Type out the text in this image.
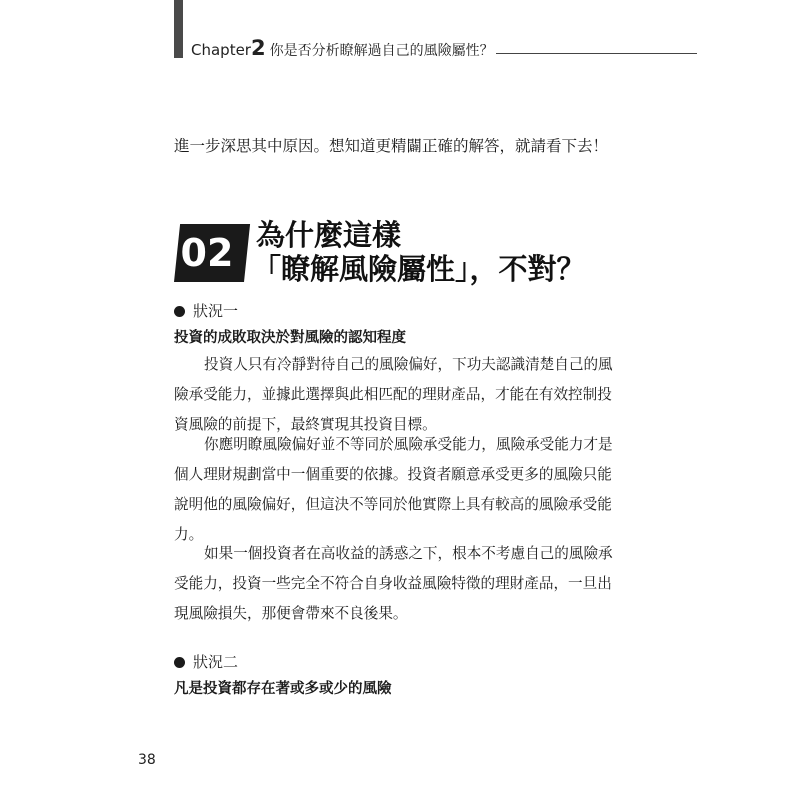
Chapter2 你是否分析瞭解過自己的風險屬性？
進一步深思其中原因。想知道更精闢正確的解答，就請看下去！
02 為什麼這樣
「瞭解風險屬性」，不對？
狀況一
投資的成敗取決於對風險的認知程度
投資人只有冷靜對待自己的風險偏好，下功夫認識清楚自己的風
險承受能力，並據此選擇與此相匹配的理財產品，才能在有效控制投
資風險的前提下，最終實現其投資目標。
你應明瞭風險偏好並不等同於風險承受能力，風險承受能力才是
個人理財規劃當中一個重要的依據。投資者願意承受更多的風險只能
說明他的風險偏好，但這決不等同於他實際上具有較高的風險承受能
力。
如果一個投資者在高收益的誘惑之下，根本不考慮自己的風險承
受能力，投資一些完全不符合自身收益風險特徵的理財產品，一旦出
現風險損失，那便會帶來不良後果。
狀況二
凡是投資都存在著或多或少的風險
38
